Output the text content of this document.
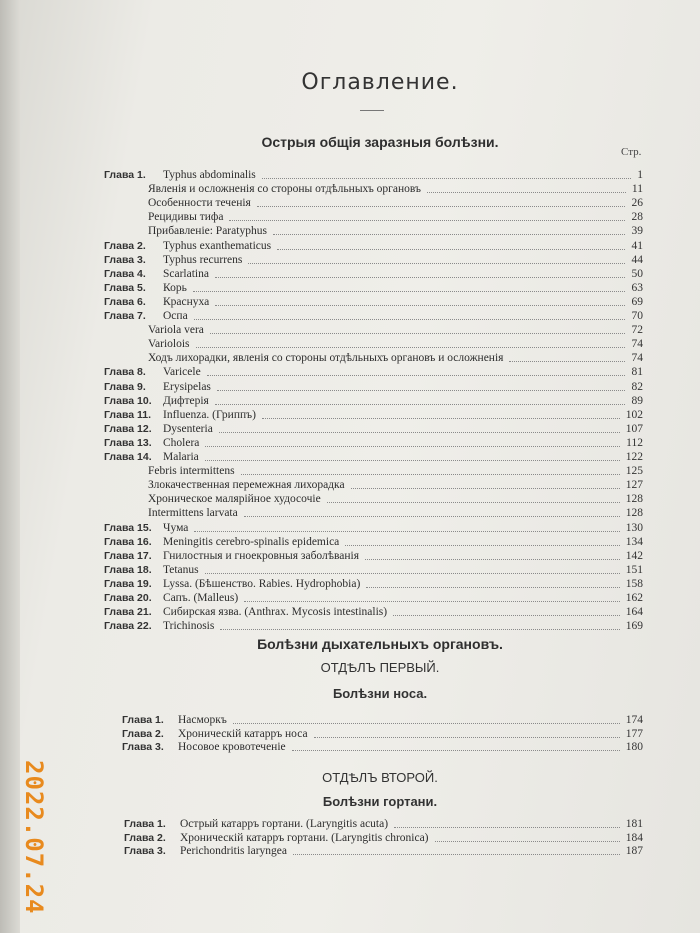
Оглавление.
Острыя общія заразныя болѣзни.
Стр.
Глава 1. Typhus abdominalis	1
Явленія и осложненія со стороны отдѣльныхъ органовъ	11
Особенности теченія	26
Рецидивы тифа	28
Прибавленіе: Paratyphus	39
Глава 2. Typhus exanthematicus	41
Глава 3. Typhus recurrens	44
Глава 4. Scarlatina	50
Глава 5. Корь	63
Глава 6. Краснуха	69
Глава 7. Оспа	70
Variola vera	72
Variolois	74
Ходъ лихорадки, явленія со стороны отдѣльныхъ органовъ и осложненія	74
Глава 8. Varicele	81
Глава 9. Erysipelas	82
Глава 10. Дифтерія	89
Глава 11. Influenza. (Гриппъ)	102
Глава 12. Dysenteria	107
Глава 13. Cholera	112
Глава 14. Malaria	122
Febris intermittens	125
Злокачественная перемежная лихорадка	127
Хроническое малярійное худосочіе	128
Intermittens larvata	128
Глава 15. Чума	130
Глава 16. Meningitis cerebro-spinalis epidemica	134
Глава 17. Гнилостныя и гноекровныя заболѣванія	142
Глава 18. Tetanus	151
Глава 19. Lyssa. (Бѣшенство. Rabies. Hydrophobia)	158
Глава 20. Сапъ. (Malleus)	162
Глава 21. Сибирская язва. (Anthrax. Mycosis intestinalis)	164
Глава 22. Trichinosis	169
Болѣзни дыхательныхъ органовъ.
ОТДѢЛЪ ПЕРВЫЙ.
Болѣзни носа.
Глава 1. Насморкъ	174
Глава 2. Хроническій катарръ носа	177
Глава 3. Носовое кровотеченіе	180
ОТДѢЛЪ ВТОРОЙ.
Болѣзни гортани.
Глава 1. Острый катарръ гортани. (Laryngitis acuta)	181
Глава 2. Хроническій катарръ гортани. (Laryngitis chronica)	184
Глава 3. Perichondritis laryngea	187
2022.07.24
